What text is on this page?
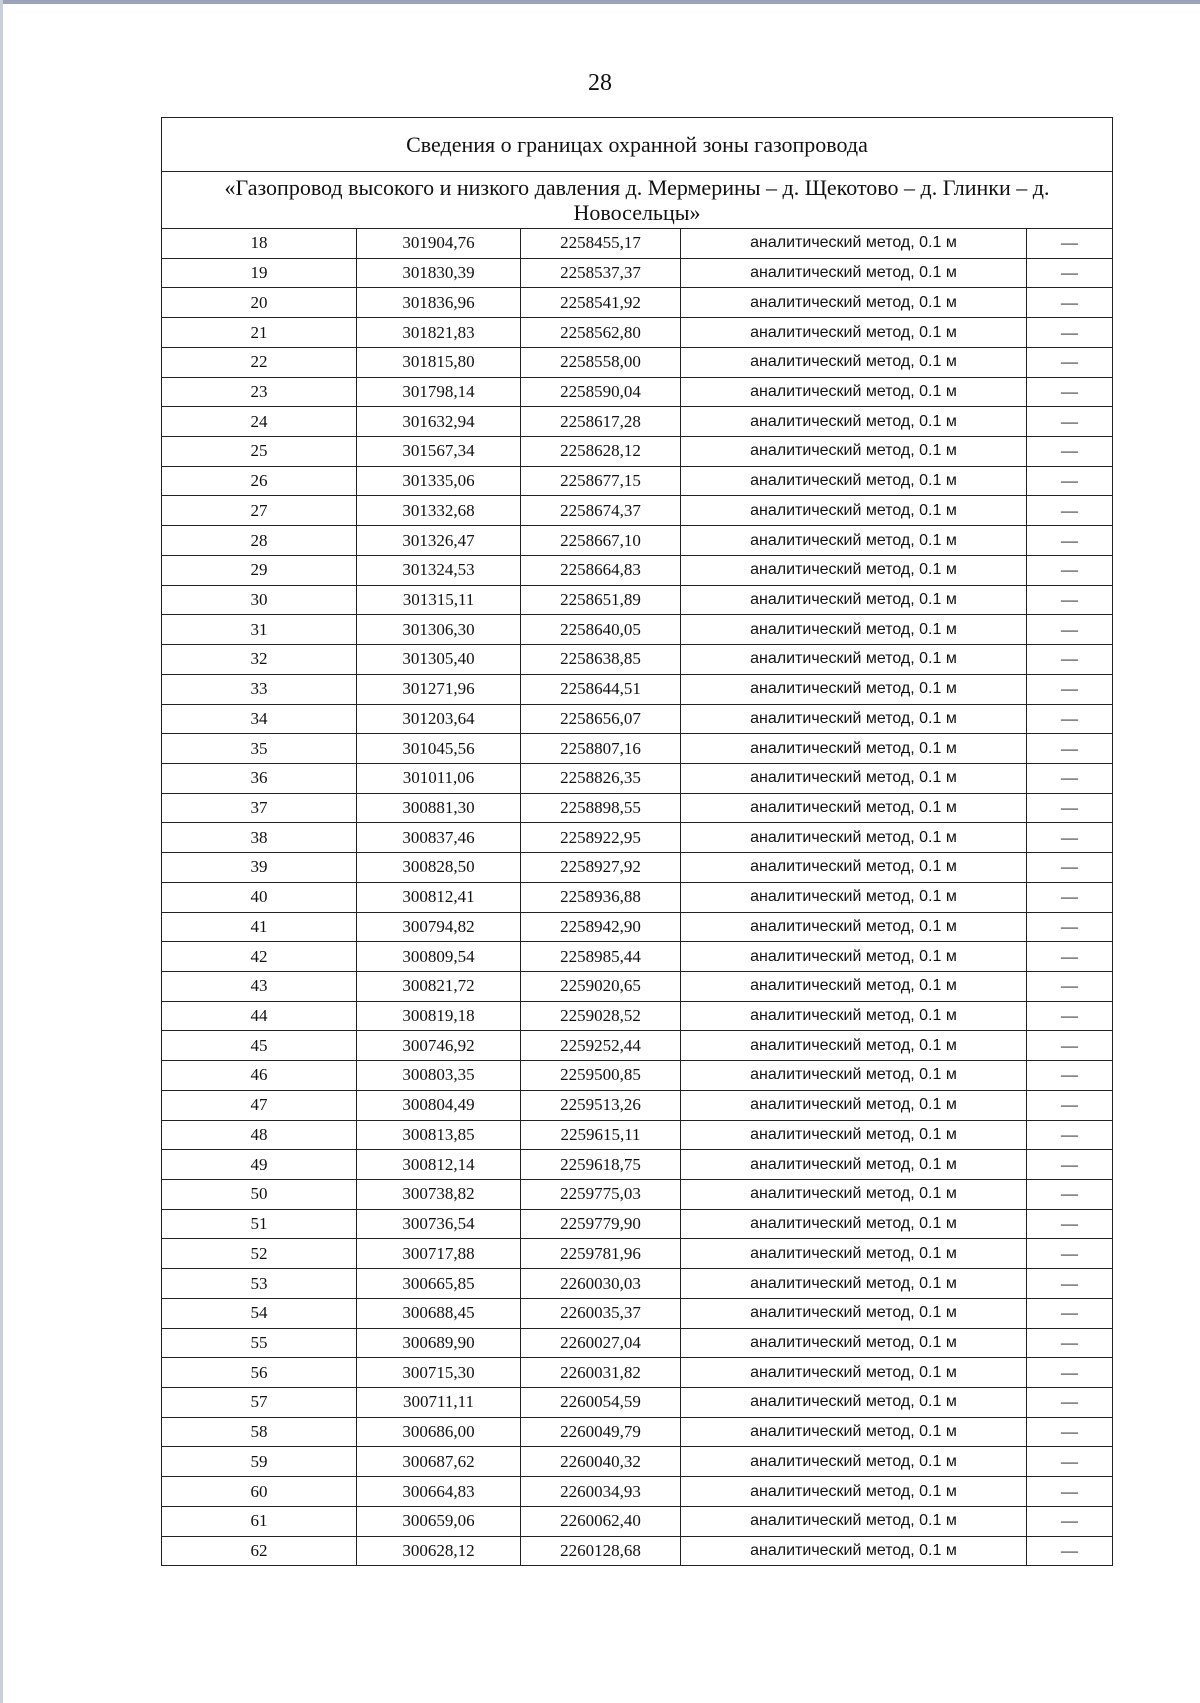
28
Сведения о границах охранной зоны газопровода				
«Газопровод высокого и низкого давления д. Мермерины – д. Щекотово – д. Глинки – д. Новосельцы»				
18	301904,76	2258455,17	аналитический метод, 0.1 м	—
19	301830,39	2258537,37	аналитический метод, 0.1 м	—
20	301836,96	2258541,92	аналитический метод, 0.1 м	—
21	301821,83	2258562,80	аналитический метод, 0.1 м	—
22	301815,80	2258558,00	аналитический метод, 0.1 м	—
23	301798,14	2258590,04	аналитический метод, 0.1 м	—
24	301632,94	2258617,28	аналитический метод, 0.1 м	—
25	301567,34	2258628,12	аналитический метод, 0.1 м	—
26	301335,06	2258677,15	аналитический метод, 0.1 м	—
27	301332,68	2258674,37	аналитический метод, 0.1 м	—
28	301326,47	2258667,10	аналитический метод, 0.1 м	—
29	301324,53	2258664,83	аналитический метод, 0.1 м	—
30	301315,11	2258651,89	аналитический метод, 0.1 м	—
31	301306,30	2258640,05	аналитический метод, 0.1 м	—
32	301305,40	2258638,85	аналитический метод, 0.1 м	—
33	301271,96	2258644,51	аналитический метод, 0.1 м	—
34	301203,64	2258656,07	аналитический метод, 0.1 м	—
35	301045,56	2258807,16	аналитический метод, 0.1 м	—
36	301011,06	2258826,35	аналитический метод, 0.1 м	—
37	300881,30	2258898,55	аналитический метод, 0.1 м	—
38	300837,46	2258922,95	аналитический метод, 0.1 м	—
39	300828,50	2258927,92	аналитический метод, 0.1 м	—
40	300812,41	2258936,88	аналитический метод, 0.1 м	—
41	300794,82	2258942,90	аналитический метод, 0.1 м	—
42	300809,54	2258985,44	аналитический метод, 0.1 м	—
43	300821,72	2259020,65	аналитический метод, 0.1 м	—
44	300819,18	2259028,52	аналитический метод, 0.1 м	—
45	300746,92	2259252,44	аналитический метод, 0.1 м	—
46	300803,35	2259500,85	аналитический метод, 0.1 м	—
47	300804,49	2259513,26	аналитический метод, 0.1 м	—
48	300813,85	2259615,11	аналитический метод, 0.1 м	—
49	300812,14	2259618,75	аналитический метод, 0.1 м	—
50	300738,82	2259775,03	аналитический метод, 0.1 м	—
51	300736,54	2259779,90	аналитический метод, 0.1 м	—
52	300717,88	2259781,96	аналитический метод, 0.1 м	—
53	300665,85	2260030,03	аналитический метод, 0.1 м	—
54	300688,45	2260035,37	аналитический метод, 0.1 м	—
55	300689,90	2260027,04	аналитический метод, 0.1 м	—
56	300715,30	2260031,82	аналитический метод, 0.1 м	—
57	300711,11	2260054,59	аналитический метод, 0.1 м	—
58	300686,00	2260049,79	аналитический метод, 0.1 м	—
59	300687,62	2260040,32	аналитический метод, 0.1 м	—
60	300664,83	2260034,93	аналитический метод, 0.1 м	—
61	300659,06	2260062,40	аналитический метод, 0.1 м	—
62	300628,12	2260128,68	аналитический метод, 0.1 м	—
